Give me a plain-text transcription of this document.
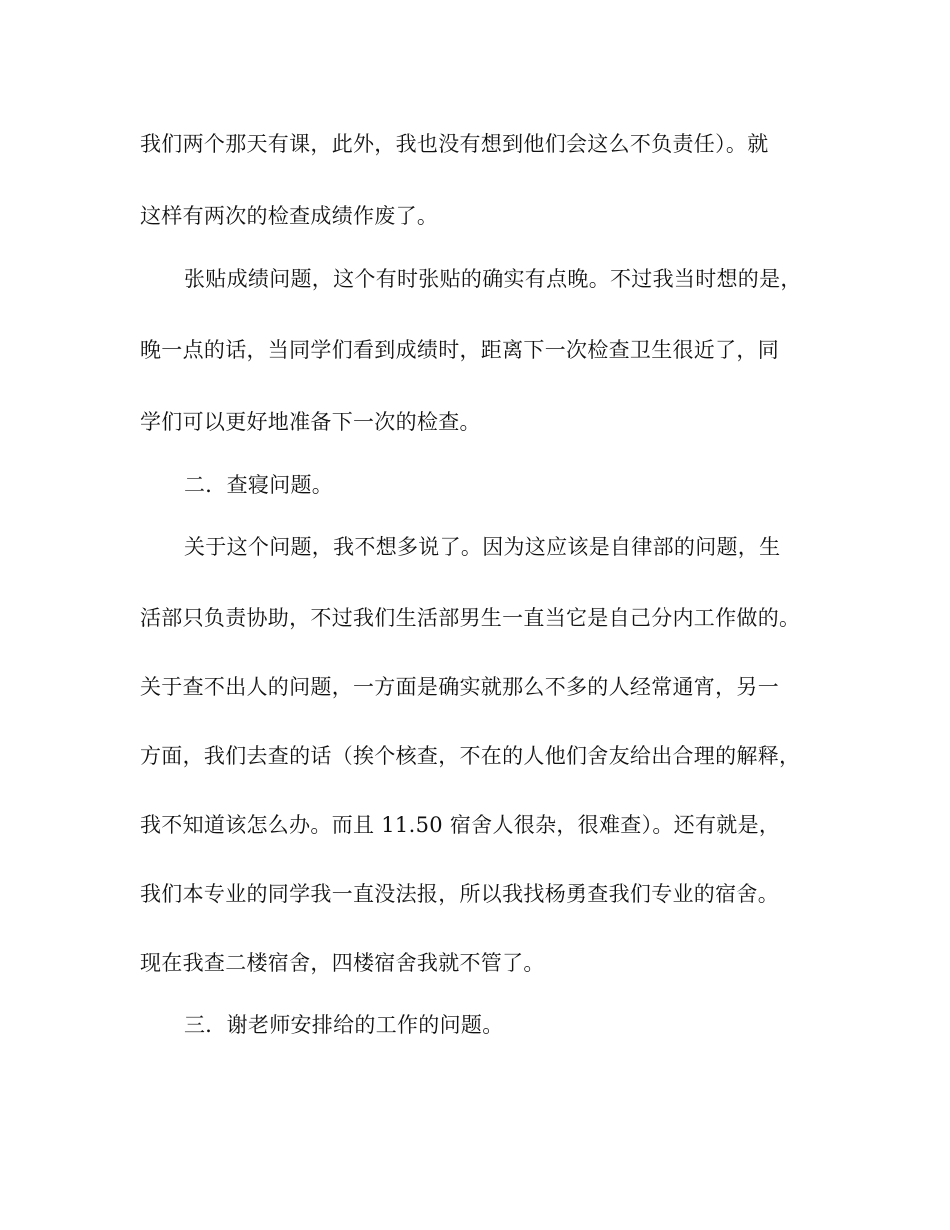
我们两个那天有课，此外，我也没有想到他们会这么不负责任）。就
这样有两次的检查成绩作废了。
张贴成绩问题，这个有时张贴的确实有点晚。不过我当时想的是，
晚一点的话，当同学们看到成绩时，距离下一次检查卫生很近了，同
学们可以更好地准备下一次的检查。
二．查寝问题。
关于这个问题，我不想多说了。因为这应该是自律部的问题，生
活部只负责协助，不过我们生活部男生一直当它是自己分内工作做的。
关于查不出人的问题，一方面是确实就那么不多的人经常通宵，另一
方面，我们去查的话（挨个核查，不在的人他们舍友给出合理的解释，
我不知道该怎么办。而且 11.50 宿舍人很杂，很难查）。还有就是，
我们本专业的同学我一直没法报，所以我找杨勇查我们专业的宿舍。
现在我查二楼宿舍，四楼宿舍我就不管了。
三．谢老师安排给的工作的问题。
